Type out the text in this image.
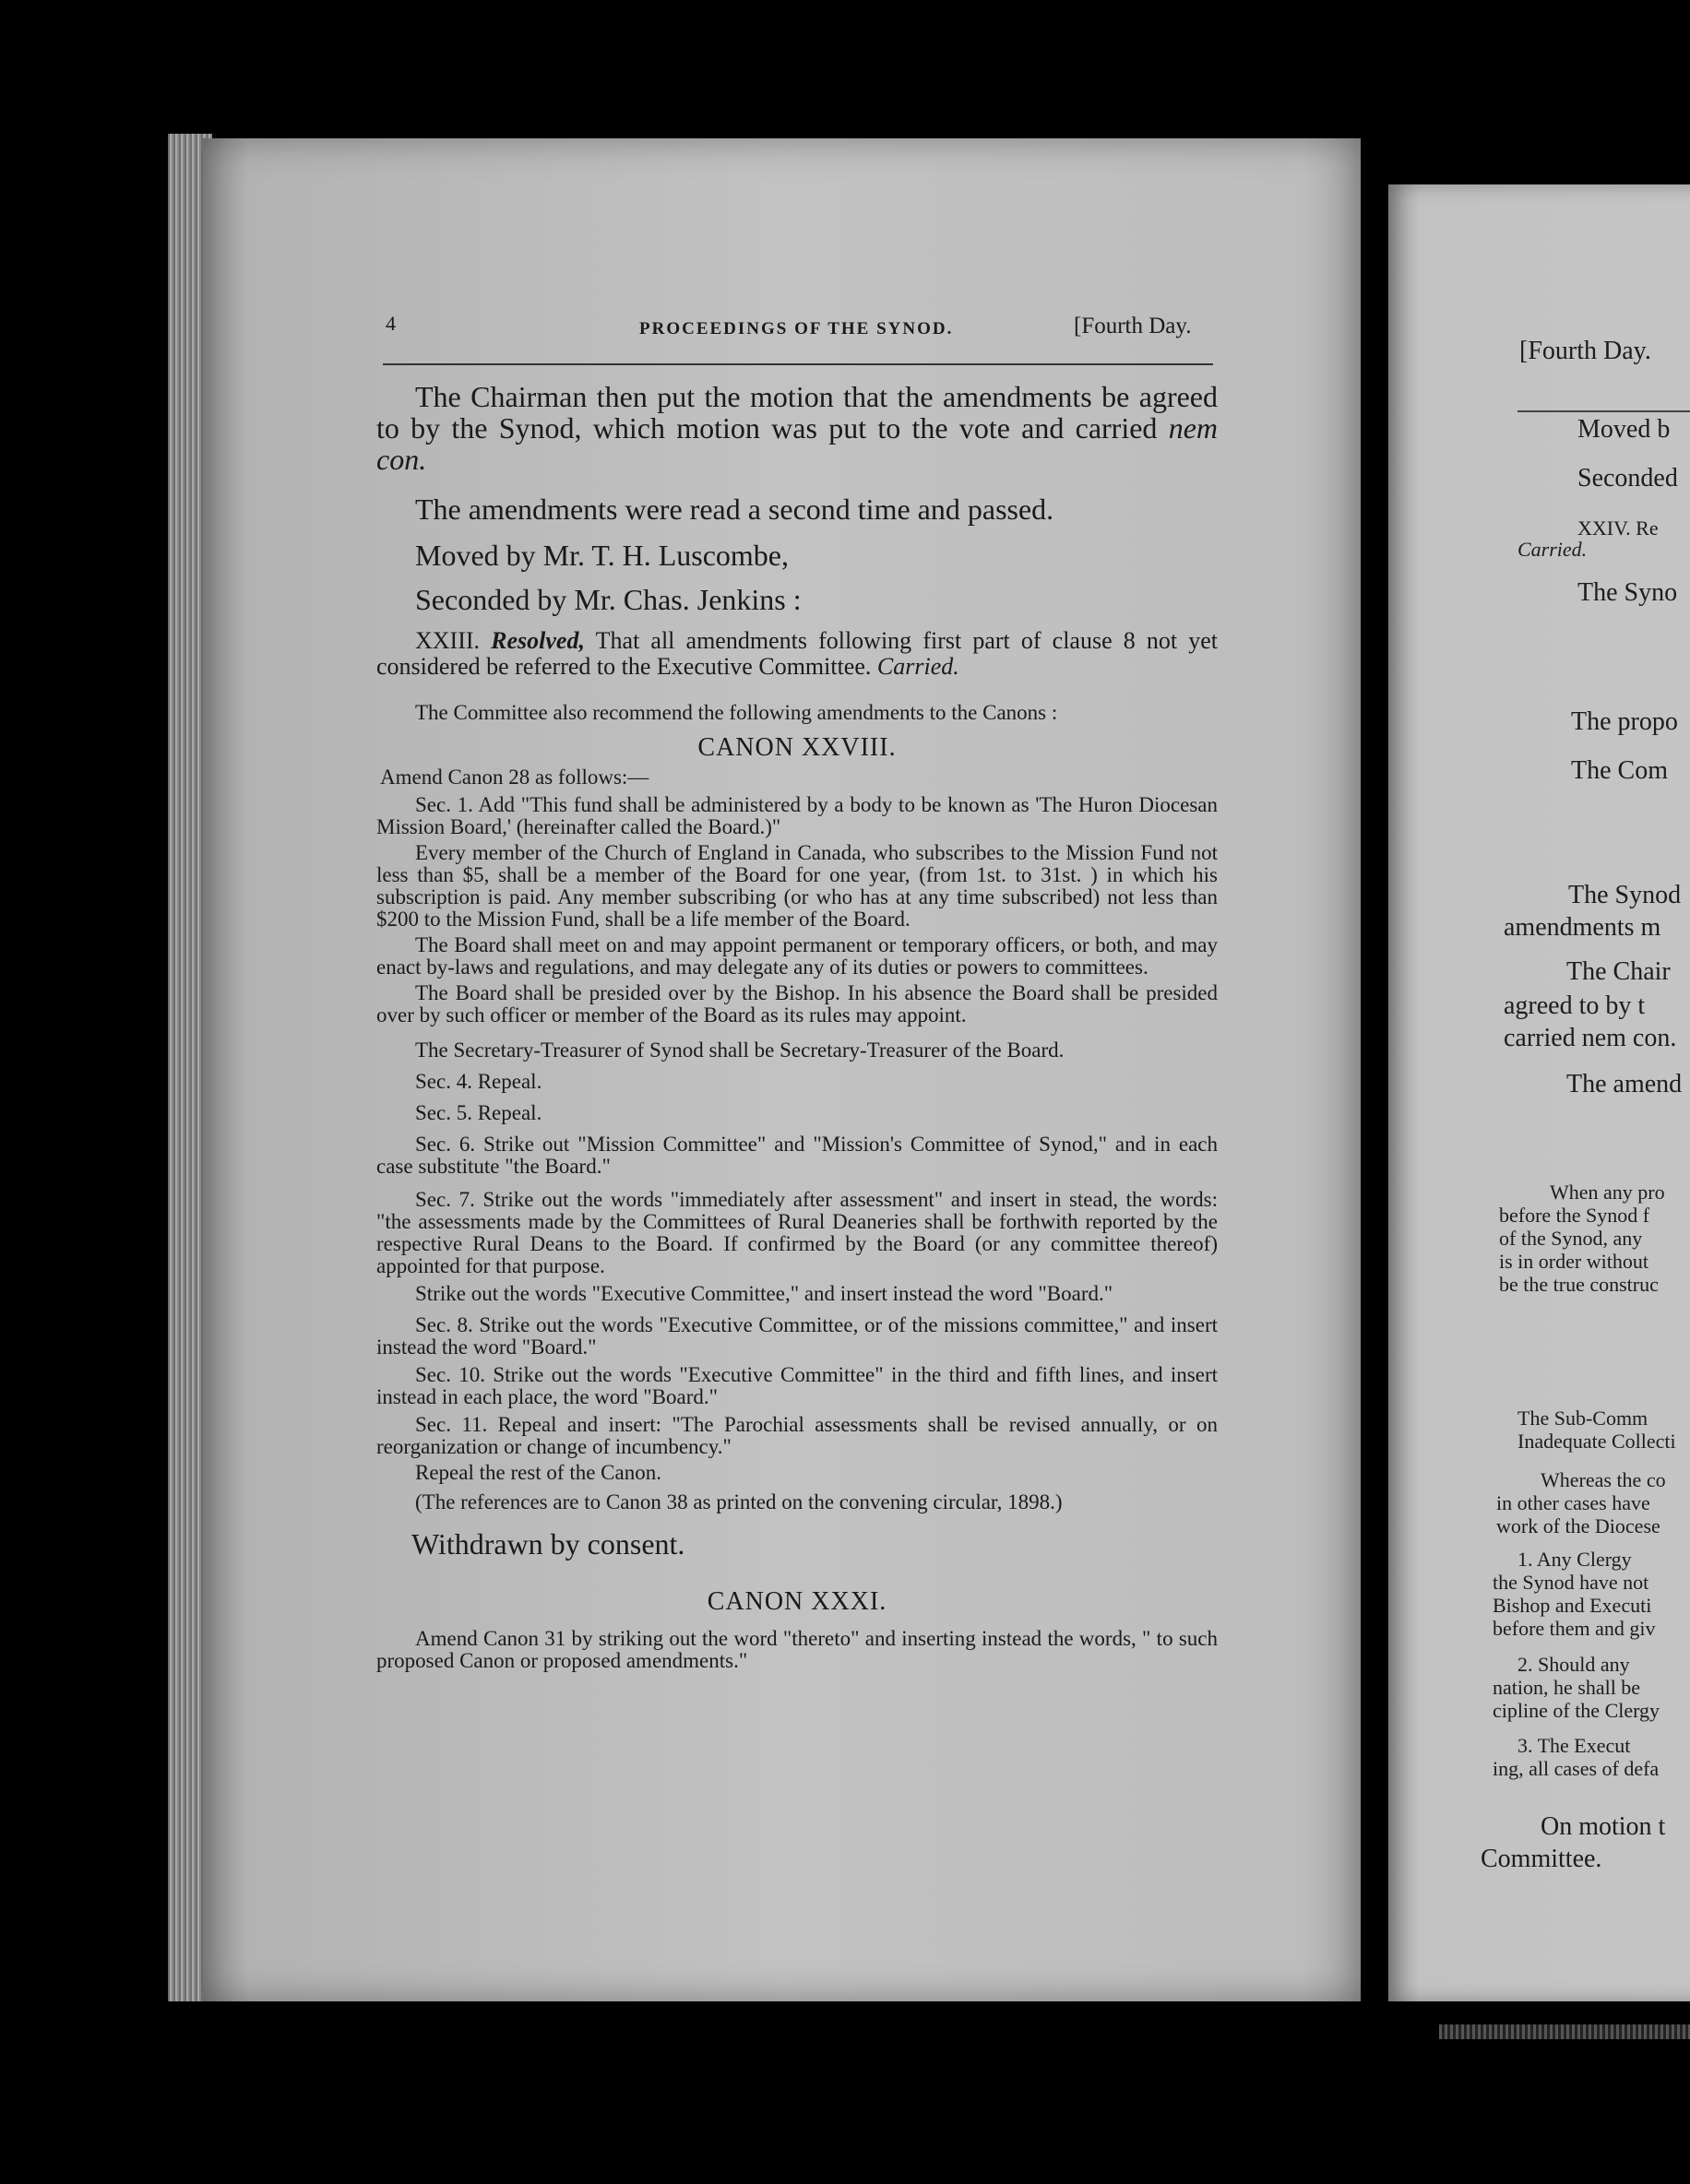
[Fourth Day.
Moved b
Seconded
XXIV. Re
Carried.
The Syno
The propo
The Com
The Synod
amendments m
The Chair
agreed to by t
carried nem con.
The amend
When any pro
before the Synod f
of the Synod, any
is in order without
be the true construc
The Sub-Comm
Inadequate Collecti
Whereas the co
in other cases have
work of the Diocese
1. Any Clergy
the Synod have not
Bishop and Executi
before them and giv
2. Should any
nation, he shall be
cipline of the Clergy
3. The Execut
ing, all cases of defa
On motion t
Committee.
4	PROCEEDINGS OF THE SYNOD.	[Fourth Day.

The Chairman then put the motion that the amendments be agreed to by the Synod, which motion was put to the vote and carried nem con.

The amendments were read a second time and passed.

Moved by Mr. T. H. Luscombe,

Seconded by Mr. Chas. Jenkins :

XXIII. Resolved, That all amendments following first part of clause 8 not yet considered be referred to the Executive Committee. Carried.

The Committee also recommend the following amendments to the Canons :

CANON XXVIII.

Amend Canon 28 as follows:—

Sec. 1. Add "This fund shall be administered by a body to be known as 'The Huron Diocesan Mission Board,' (hereinafter called the Board.)"

Every member of the Church of England in Canada, who subscribes to the Mission Fund not less than $5, shall be a member of the Board for one year, (from 1st. to 31st. ) in which his subscription is paid. Any member subscribing (or who has at any time subscribed) not less than $200 to the Mission Fund, shall be a life member of the Board.

The Board shall meet on and may appoint permanent or temporary officers, or both, and may enact by-laws and regulations, and may delegate any of its duties or powers to committees.

The Board shall be presided over by the Bishop. In his absence the Board shall be presided over by such officer or member of the Board as its rules may appoint.

The Secretary-Treasurer of Synod shall be Secretary-Treasurer of the Board.

Sec. 4. Repeal.

Sec. 5. Repeal.

Sec. 6. Strike out "Mission Committee" and "Mission's Committee of Synod," and in each case substitute "the Board."

Sec. 7. Strike out the words "immediately after assessment" and insert in stead, the words: "the assessments made by the Committees of Rural Deaneries shall be forthwith reported by the respective Rural Deans to the Board. If confirmed by the Board (or any committee thereof) appointed for that purpose.

Strike out the words "Executive Committee," and insert instead the word "Board."

Sec. 8. Strike out the words "Executive Committee, or of the missions committee," and insert instead the word "Board."

Sec. 10. Strike out the words "Executive Committee" in the third and fifth lines, and insert instead in each place, the word "Board."

Sec. 11. Repeal and insert: "The Parochial assessments shall be revised annually, or on reorganization or change of incumbency."

Repeal the rest of the Canon.

(The references are to Canon 38 as printed on the convening circular, 1898.)

Withdrawn by consent.

CANON XXXI.

Amend Canon 31 by striking out the word "thereto" and inserting instead the words, " to such proposed Canon or proposed amendments."
